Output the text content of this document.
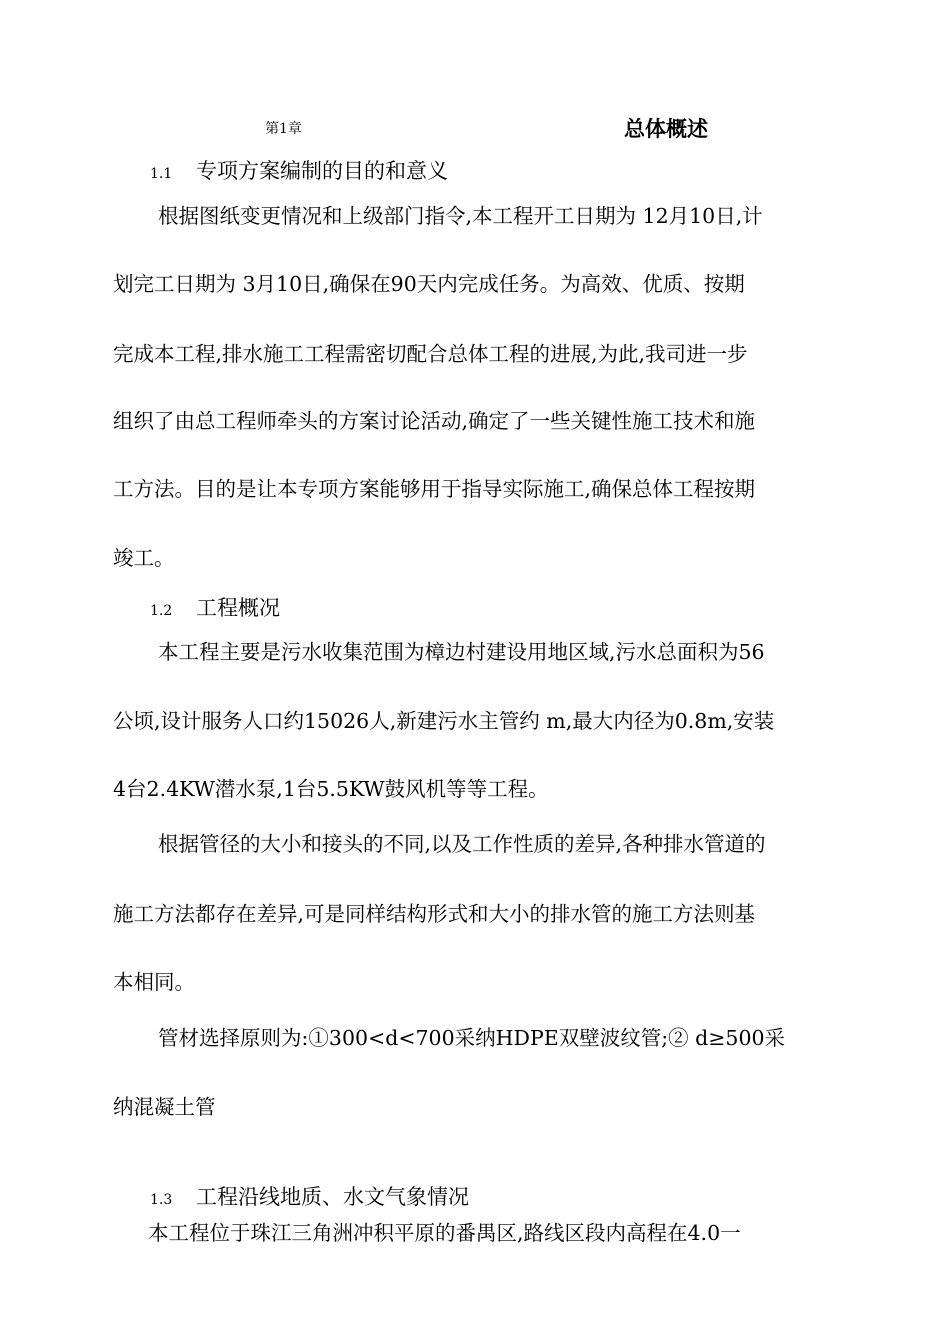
第1章	总体概述
1.1 专项方案编制的目的和意义
根据图纸变更情况和上级部门指令,本工程开工日期为 12月10日,计
划完工日期为 3月10日,确保在90天内完成任务。为高效、优质、按期
完成本工程,排水施工工程需密切配合总体工程的进展,为此,我司进一步
组织了由总工程师牵头的方案讨论活动,确定了一些关键性施工技术和施
工方法。目的是让本专项方案能够用于指导实际施工,确保总体工程按期
竣工。
1.2 工程概况
本工程主要是污水收集范围为樟边村建设用地区域,污水总面积为56
公顷,设计服务人口约15026人,新建污水主管约 m,最大内径为0.8m,安装
4台2.4KW潜水泵,1台5.5KW鼓风机等等工程。
根据管径的大小和接头的不同,以及工作性质的差异,各种排水管道的
施工方法都存在差异,可是同样结构形式和大小的排水管的施工方法则基
本相同。
管材选择原则为:①300<d<700采纳HDPE双壁波纹管;② d≥500采
纳混凝土管
1.3 工程沿线地质、水文气象情况
本工程位于珠江三角洲冲积平原的番禺区,路线区段内高程在4.0一
